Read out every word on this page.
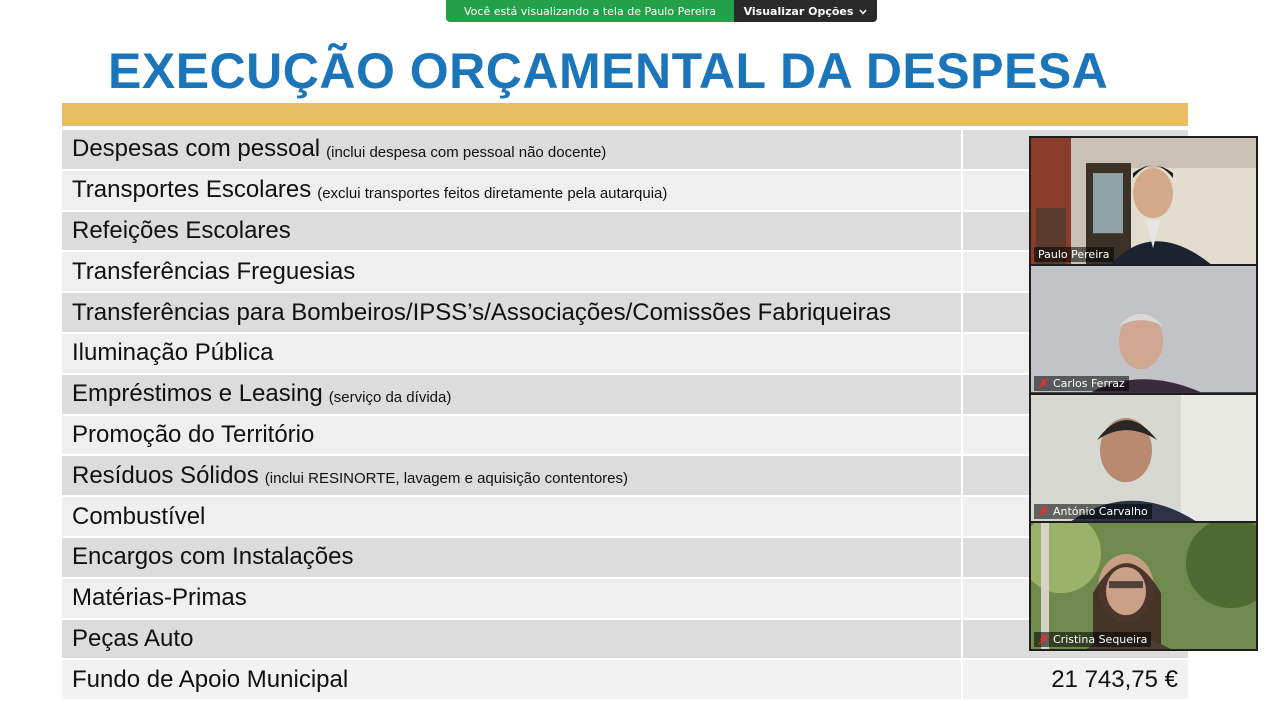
Você está visualizando a tela de Paulo Pereira	Visualizar Opções
EXECUÇÃO ORÇAMENTAL DA DESPESA
Despesas com pessoal (inclui despesa com pessoal não docente)
Transportes Escolares (exclui transportes feitos diretamente pela autarquia)
Refeições Escolares
Transferências Freguesias
Transferências para Bombeiros/IPSS’s/Associações/Comissões Fabriqueiras
Iluminação Pública
Empréstimos e Leasing (serviço da dívida)
Promoção do Território
Resíduos Sólidos (inclui RESINORTE, lavagem e aquisição contentores)
Combustível
Encargos com Instalações
Matérias-Primas
Peças Auto
Fundo de Apoio Municipal	21 743,75 €
Paulo Pereira
Carlos Ferraz
António Carvalho
Cristina Sequeira
